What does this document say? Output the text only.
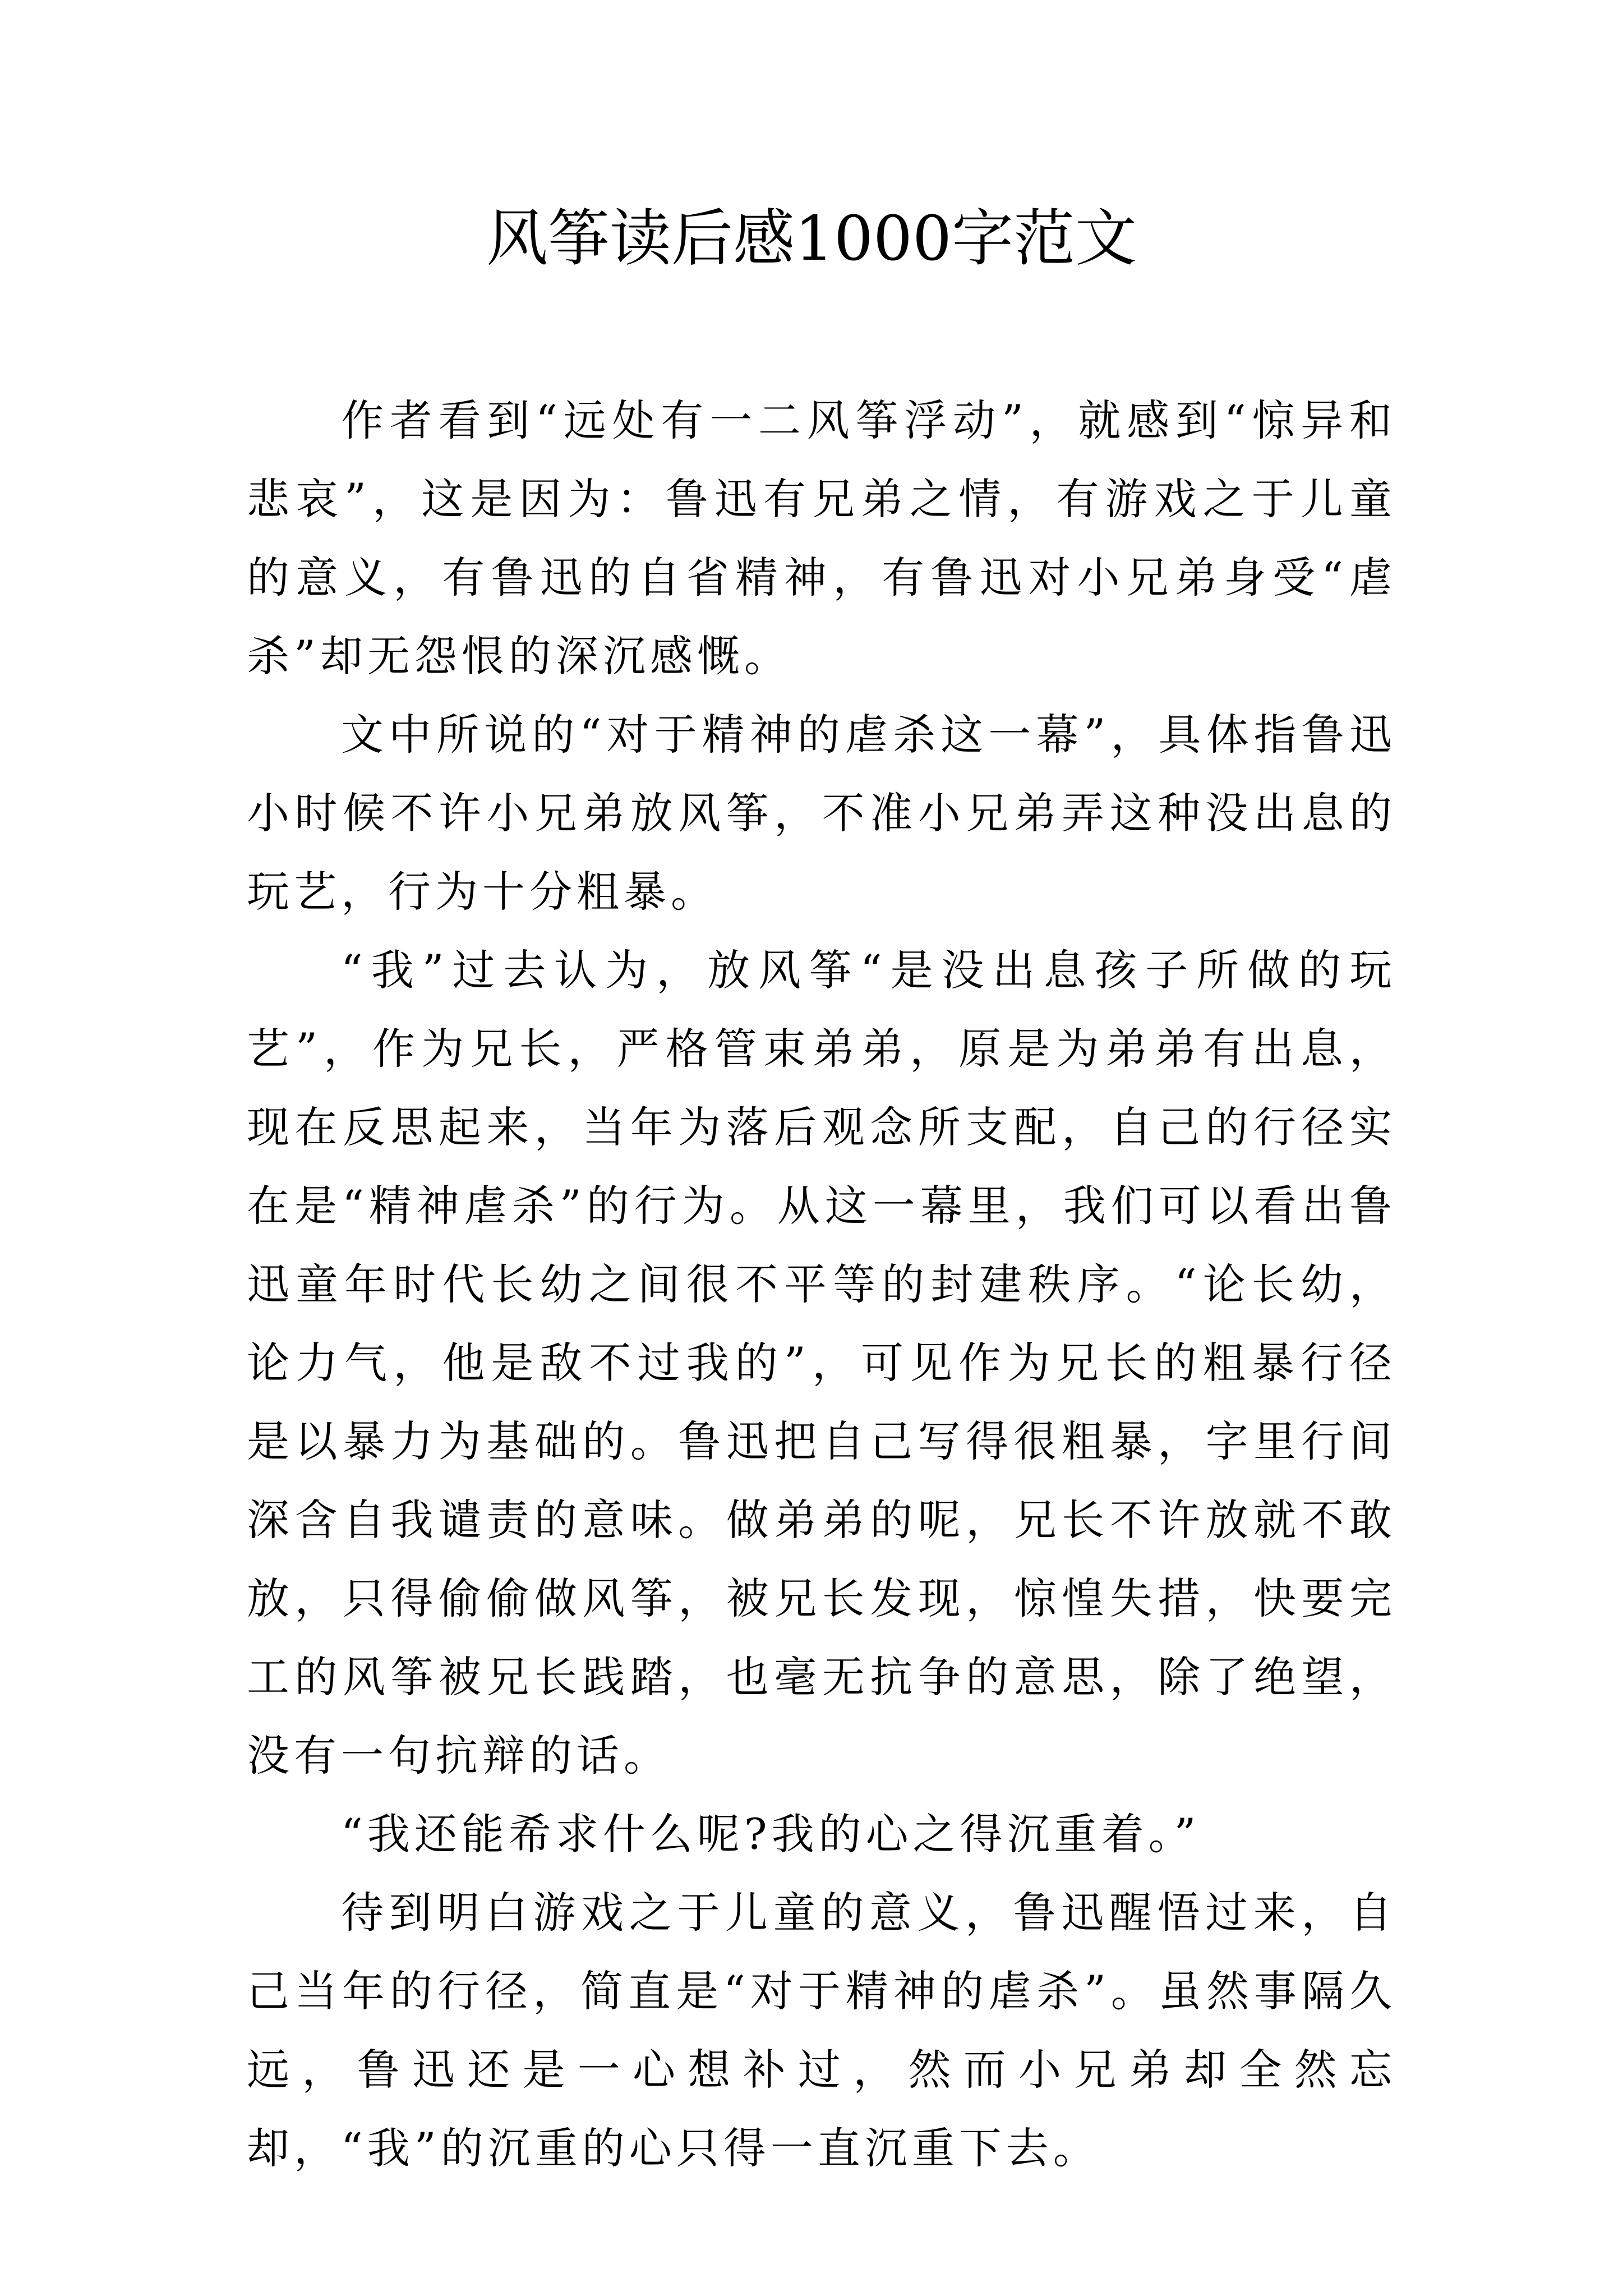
风筝读后感1000字范文

作者看到“远处有一二风筝浮动”，就感到“惊异和悲哀”，这是因为：鲁迅有兄弟之情，有游戏之于儿童的意义，有鲁迅的自省精神，有鲁迅对小兄弟身受“虐杀”却无怨恨的深沉感慨。

文中所说的“对于精神的虐杀这一幕”，具体指鲁迅小时候不许小兄弟放风筝，不准小兄弟弄这种没出息的玩艺，行为十分粗暴。

“我”过去认为，放风筝“是没出息孩子所做的玩艺”，作为兄长，严格管束弟弟，原是为弟弟有出息，现在反思起来，当年为落后观念所支配，自己的行径实在是“精神虐杀”的行为。从这一幕里，我们可以看出鲁迅童年时代长幼之间很不平等的封建秩序。“论长幼，论力气，他是敌不过我的”，可见作为兄长的粗暴行径是以暴力为基础的。鲁迅把自己写得很粗暴，字里行间深含自我谴责的意味。做弟弟的呢，兄长不许放就不敢放，只得偷偷做风筝，被兄长发现，惊惶失措，快要完工的风筝被兄长践踏，也毫无抗争的意思，除了绝望，没有一句抗辩的话。

“我还能希求什么呢?我的心之得沉重着。”

待到明白游戏之于儿童的意义，鲁迅醒悟过来，自己当年的行径，简直是“对于精神的虐杀”。虽然事隔久远，鲁迅还是一心想补过，然而小兄弟却全然忘却，“我”的沉重的心只得一直沉重下去。
